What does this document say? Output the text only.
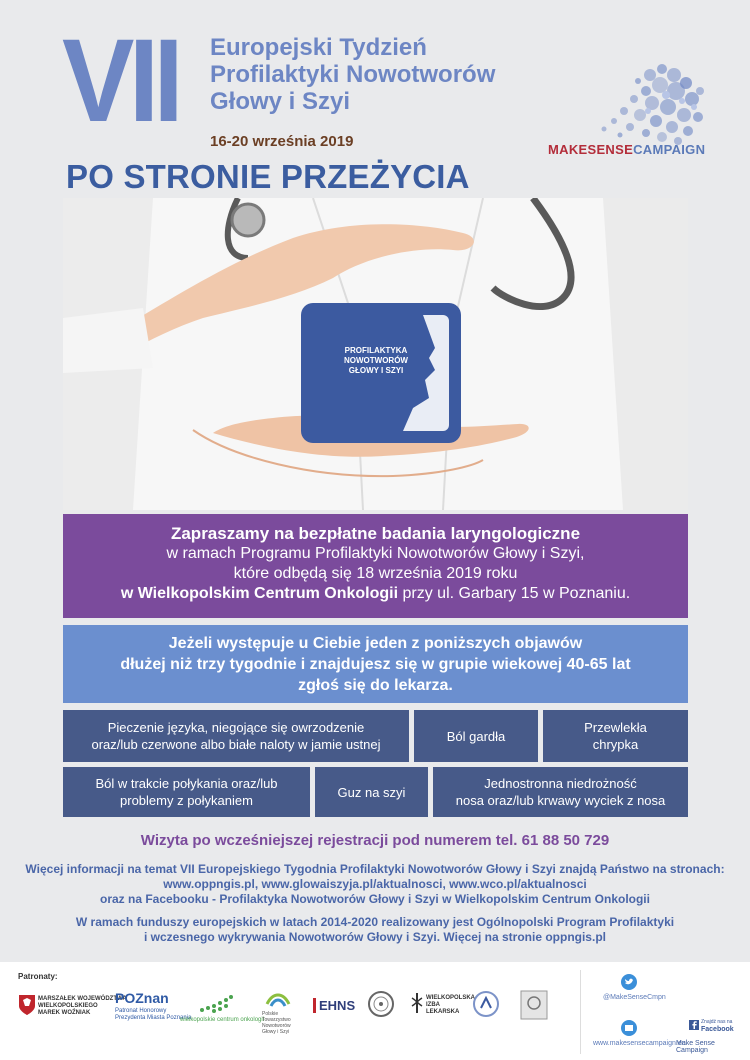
VII Europejski Tydzień
Profilaktyki Nowotworów
Głowy i Szyi
16-20 września 2019
PO STRONIE PRZEŻYCIA
MAKESENSECAMPAIGN
PROFILAKTYKA
NOWOTWORÓW
GŁOWY I SZYI
Zapraszamy na bezpłatne badania laryngologiczne
w ramach Programu Profilaktyki Nowotworów Głowy i Szyi,
które odbędą się 18 września 2019 roku
w Wielkopolskim Centrum Onkologii przy ul. Garbary 15 w Poznaniu.
Jeżeli występuje u Ciebie jeden z poniższych objawów
dłużej niż trzy tygodnie i znajdujesz się w grupie wiekowej 40-65 lat
zgłoś się do lekarza.
Pieczenie języka, niegojące się owrzodzenie
oraz/lub czerwone albo białe naloty w jamie ustnej
Ból gardła
Przewlekła
chrypka
Ból w trakcie połykania oraz/lub
problemy z połykaniem
Guz na szyi
Jednostronna niedrożność
nosa oraz/lub krwawy wyciek z nosa
Wizyta po wcześniejszej rejestracji pod numerem tel. 61 88 50 729
Więcej informacji na temat VII Europejskiego Tygodnia Profilaktyki Nowotworów Głowy i Szyi znajdą Państwo na stronach:
www.oppngis.pl, www.glowaiszyja.pl/aktualnosci, www.wco.pl/aktualnosci
oraz na Facebooku - Profilaktyka Nowotworów Głowy i Szyi w Wielkopolskim Centrum Onkologii
W ramach funduszy europejskich w latach 2014-2020 realizowany jest Ogólnopolski Program Profilaktyki
i wczesnego wykrywania Nowotworów Głowy i Szyi. Więcej na stronie oppngis.pl
Patronaty:
MARSZAŁEK WOJEWÓDZTWA
WIELKOPOLSKIEGO
MAREK WOŹNIAK
POZnan
Patronat Honorowy
Prezydenta Miasta Poznania
wielkopolskie centrum onkologii
Polskie
Towarzystwo
Nowotworów
Głowy i Szyi
EHNS	WIELKOPOLSKA
IZBA
LEKARSKA
@MakeSenseCmpn
www.makesensecampaign.eu
Znajdź nas na
Facebook
Make Sense Campaign
